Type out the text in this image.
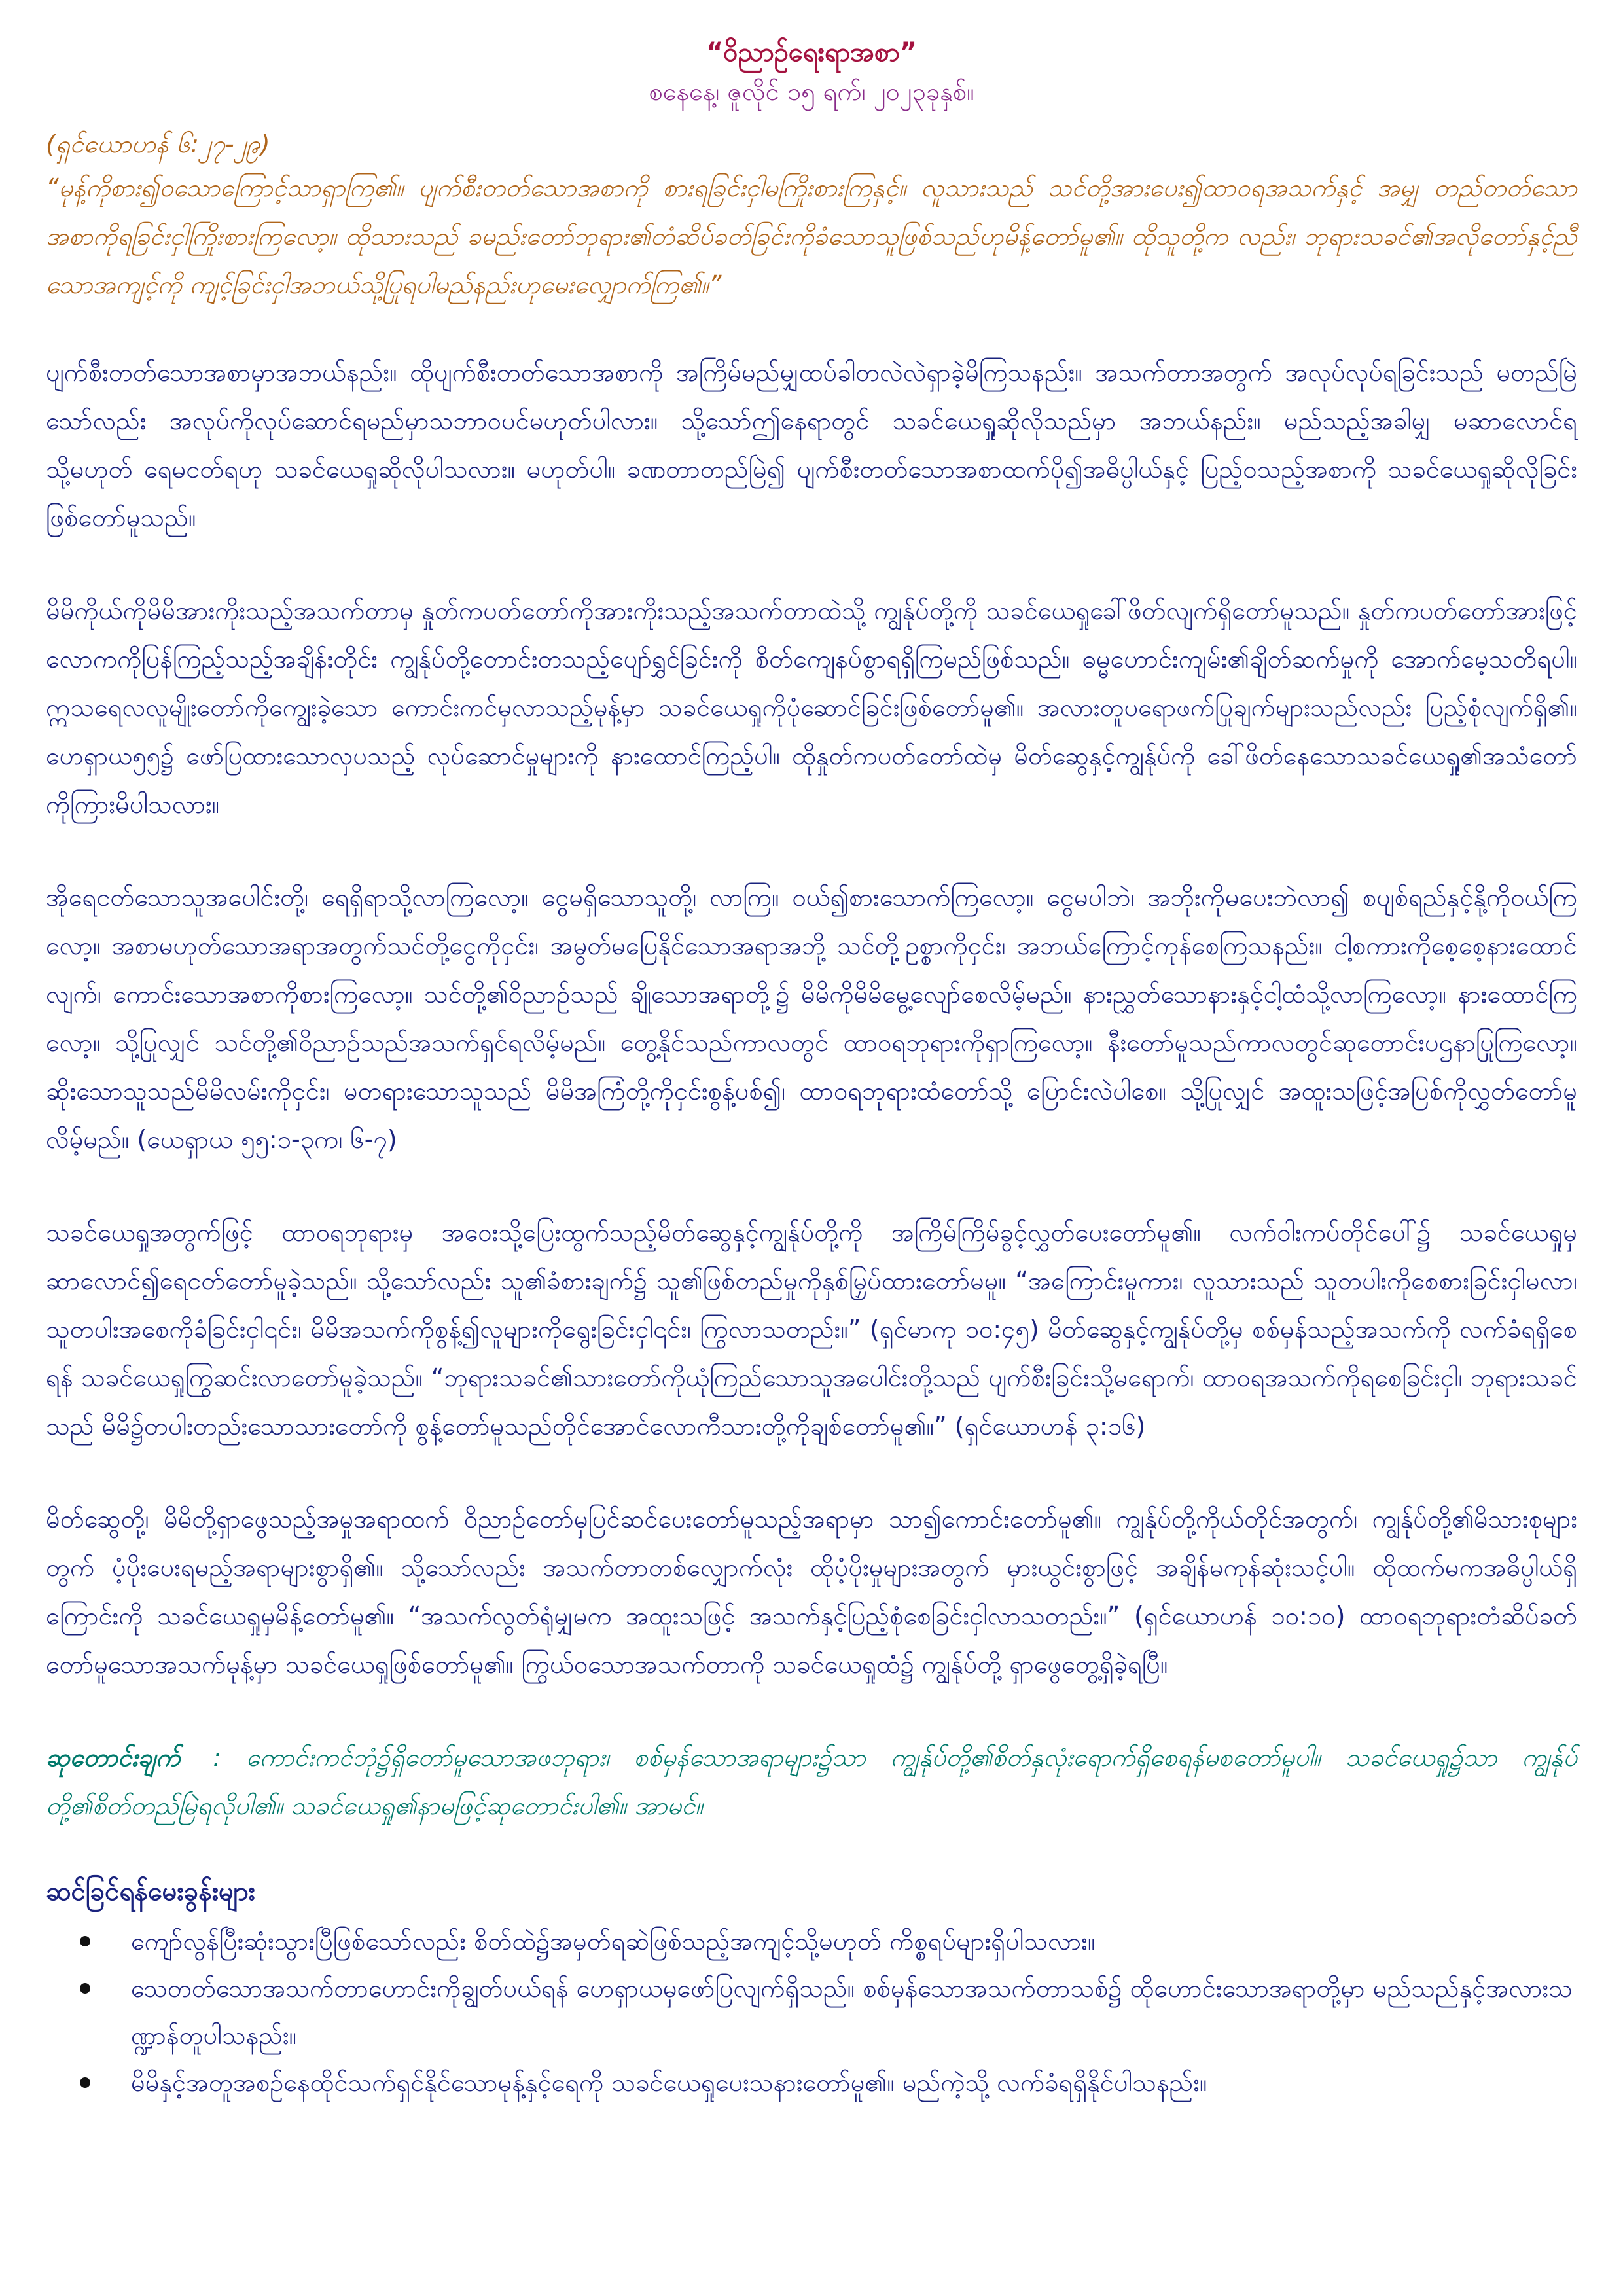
“ဝိညာဉ်ရေးရာအစာ”

စနေနေ့၊ ဇူလိုင် ၁၅ ရက်၊ ၂၀၂၃ခုနှစ်။

(ရှင်ယောဟန် ၆:၂၇-၂၉)

“မုန့်ကိုစား၍ဝသောကြောင့်သာရှာကြ၏။ ပျက်စီးတတ်သောအစာကို စားရခြင်းငှါမကြိုးစားကြနှင့်။ လူသားသည် သင်တို့အားပေး၍ထာဝရအသက်နှင့် အမျှ တည်တတ်သောအစာကိုရခြင်းငှါကြိုးစားကြလော့။ ထိုသားသည် ခမည်းတော်ဘုရား၏တံဆိပ်ခတ်ခြင်းကိုခံသောသူဖြစ်သည်ဟုမိန့်တော်မူ၏။ ထိုသူတို့က လည်း၊ ဘုရားသခင်၏အလိုတော်နှင့်ညီသောအကျင့်ကို ကျင့်ခြင်းငှါအဘယ်သို့ပြုရပါမည်နည်းဟုမေးလျှောက်ကြ၏။”

ပျက်စီးတတ်သောအစာမှာအဘယ်နည်း။ ထိုပျက်စီးတတ်သောအစာကို အကြိမ်မည်မျှထပ်ခါတလဲလဲရှာခဲ့မိကြသနည်း။ အသက်တာအတွက် အလုပ်လုပ်ရခြင်းသည် မတည်မြဲသော်လည်း အလုပ်ကိုလုပ်ဆောင်ရမည်မှာသဘာဝပင်မဟုတ်ပါလား။ သို့သော်ဤနေရာတွင် သခင်ယေရှုဆိုလိုသည်မှာ အဘယ်နည်း။ မည်သည့်အခါမျှ မဆာလောင်ရ သို့မဟုတ် ရေမငတ်ရဟု သခင်ယေရှုဆိုလိုပါသလား။ မဟုတ်ပါ။ ခဏတာတည်မြဲ၍ ပျက်စီးတတ်သောအစာထက်ပို၍အဓိပ္ပါယ်နှင့် ပြည့်ဝသည့်အစာကို သခင်ယေရှုဆိုလိုခြင်းဖြစ်တော်မူသည်။

မိမိကိုယ်ကိုမိမိအားကိုးသည့်အသက်တာမှ နှုတ်ကပတ်တော်ကိုအားကိုးသည့်အသက်တာထဲသို့ ကျွန်ုပ်တို့ကို သခင်ယေရှုခေါ်ဖိတ်လျက်ရှိတော်မူသည်။ နှုတ်ကပတ်တော်အားဖြင့် လောကကိုပြန်ကြည့်သည့်အချိန်းတိုင်း ကျွန်ုပ်တို့တောင်းတသည့်ပျော်ရွှင်ခြင်းကို စိတ်ကျေနပ်စွာရရှိကြမည်ဖြစ်သည်။ ဓမ္မဟောင်းကျမ်း၏ချိတ်ဆက်မှုကို အောက်မေ့သတိရပါ။ ဣသရေလလူမျိုးတော်ကိုကျွေးခဲ့သော ကောင်းကင်မှလာသည့်မုန့်မှာ သခင်ယေရှုကိုပုံဆောင်ခြင်းဖြစ်တော်မူ၏။ အလားတူပရောဖက်ပြုချက်များသည်လည်း ပြည့်စုံလျက်ရှိ၏။ ဟေရှာယ၅၅၌ ဖော်ပြထားသောလှပသည့် လုပ်ဆောင်မှုများကို နားထောင်ကြည့်ပါ။ ထိုနှုတ်ကပတ်တော်ထဲမှ မိတ်ဆွေနှင့်ကျွန်ုပ်ကို ခေါ်ဖိတ်နေသောသခင်ယေရှု၏အသံတော်ကိုကြားမိပါသလား။

အိုရေငတ်သောသူအပေါင်းတို့၊ ရေရှိရာသို့လာကြလော့။ ငွေမရှိသောသူတို့၊ လာကြ။ ဝယ်၍စားသောက်ကြလော့။ ငွေမပါဘဲ၊ အဘိုးကိုမပေးဘဲလာ၍ စပျစ်ရည်နှင့်နို့ကိုဝယ်ကြလော့။ အစာမဟုတ်သောအရာအတွက်သင်တို့ငွေကိုငှင်း၊ အမွတ်မပြေနိုင်သောအရာအဘို့ သင်တို့ဥစ္စာကိုငှင်း၊ အဘယ်ကြောင့်ကုန်စေကြသနည်း။ ငါ့စကားကိုစေ့စေ့နားထောင်လျက်၊ ကောင်းသောအစာကိုစားကြလော့။ သင်တို့၏ဝိညာဉ်သည် ချိုသောအရာတို့၌ မိမိကိုမိမိမွေ့လျော်စေလိမ့်မည်။ နားညွှတ်သောနားနှင့်ငါ့ထံသို့လာကြလော့။ နားထောင်ကြလော့။ သို့ပြုလျှင် သင်တို့၏ဝိညာဉ်သည်အသက်ရှင်ရလိမ့်မည်။ တွေ့နိုင်သည်ကာလတွင် ထာဝရဘုရားကိုရှာကြလော့။ နီးတော်မူသည်ကာလတွင်ဆုတောင်းပဌနာပြုကြလော့။ ဆိုးသောသူသည်မိမိလမ်းကိုငှင်း၊ မတရားသောသူသည် မိမိအကြံတို့ကိုငှင်းစွန့်ပစ်၍၊ ထာဝရဘုရားထံတော်သို့ ပြောင်းလဲပါစေ။ သို့ပြုလျှင် အထူးသဖြင့်အပြစ်ကိုလွှတ်တော်မူလိမ့်မည်။ (ယေရှာယ ၅၅:၁-၃က၊ ၆-၇)

သခင်ယေရှုအတွက်ဖြင့် ထာဝရဘုရားမှ အဝေးသို့ပြေးထွက်သည့်မိတ်ဆွေနှင့်ကျွန်ုပ်တို့ကို အကြိမ်ကြိမ်ခွင့်လွှတ်ပေးတော်မူ၏။ လက်ဝါးကပ်တိုင်ပေါ်၌ သခင်ယေရှုမှ ဆာလောင်၍ရေငတ်တော်မူခဲ့သည်။ သို့သော်လည်း သူ၏ခံစားချက်၌ သူ၏ဖြစ်တည်မှုကိုနှစ်မြှပ်ထားတော်မမူ။ “အကြောင်းမူကား၊ လူသားသည် သူတပါးကိုစေစားခြင်းငှါမလာ၊ သူတပါးအစေကိုခံခြင်းငှါ၎င်း၊ မိမိအသက်ကိုစွန့်၍လူများကိုရွေးခြင်းငှါ၎င်း၊ ကြွလာသတည်း။” (ရှင်မာကု ၁၀:၄၅) မိတ်ဆွေနှင့်ကျွန်ုပ်တို့မှ စစ်မှန်သည့်အသက်ကို လက်ခံရရှိစေရန် သခင်ယေရှုကြွဆင်းလာတော်မူခဲ့သည်။ “ဘုရားသခင်၏သားတော်ကိုယုံကြည်သောသူအပေါင်းတို့သည် ပျက်စီးခြင်းသို့မရောက်၊ ထာဝရအသက်ကိုရစေခြင်းငှါ၊ ဘုရားသခင်သည် မိမိ၌တပါးတည်းသောသားတော်ကို စွန့်တော်မူသည်တိုင်အောင်လောကီသားတို့ကိုချစ်တော်မူ၏။” (ရှင်ယောဟန် ၃:၁၆)

မိတ်ဆွေတို့၊ မိမိတို့ရှာဖွေသည့်အမှုအရာထက် ဝိညာဉ်တော်မှပြင်ဆင်ပေးတော်မူသည့်အရာမှာ သာ၍ကောင်းတော်မူ၏။ ကျွန်ုပ်တို့ကိုယ်တိုင်အတွက်၊ ကျွန်ုပ်တို့၏မိသားစုများတွက် ပံ့ပိုးပေးရမည့်အရာများစွာရှိ၏။ သို့သော်လည်း အသက်တာတစ်လျှောက်လုံး ထိုပံ့ပိုးမှုများအတွက် မှားယွင်းစွာဖြင့် အချိန်မကုန်ဆုံးသင့်ပါ။ ထိုထက်မကအဓိပ္ပါယ်ရှိကြောင်းကို သခင်ယေရှုမှမိန့်တော်မူ၏။ “အသက်လွတ်ရုံမျှမက အထူးသဖြင့် အသက်နှင့်ပြည့်စုံစေခြင်းငှါလာသတည်း။” (ရှင်ယောဟန် ၁၀:၁၀) ထာဝရဘုရားတံဆိပ်ခတ်တော်မူသောအသက်မုန့်မှာ သခင်ယေရှုဖြစ်တော်မူ၏။ ကြွယ်ဝသောအသက်တာကို သခင်ယေရှုထံ၌ ကျွန်ုပ်တို့ ရှာဖွေတွေ့ရှိခဲ့ရပြီ။

ဆုတောင်းချက် : ကောင်းကင်ဘုံ၌ရှိတော်မူသောအဖဘုရား၊ စစ်မှန်သောအရာများ၌သာ ကျွန်ုပ်တို့၏စိတ်နှလုံးရောက်ရှိစေရန်မစတော်မူပါ။ သခင်ယေရှု၌သာ ကျွန်ုပ်တို့၏စိတ်တည်မြဲရလိုပါ၏။ သခင်ယေရှု၏နာမဖြင့်ဆုတောင်းပါ၏။ အာမင်။

ဆင်ခြင်ရန်မေးခွန်းများ
ကျော်လွန်ပြီးဆုံးသွားပြီဖြစ်သော်လည်း စိတ်ထဲ၌အမှတ်ရဆဲဖြစ်သည့်အကျင့်သို့မဟုတ် ကိစ္စရပ်များရှိပါသလား။
သေတတ်သောအသက်တာဟောင်းကိုချွတ်ပယ်ရန် ဟေရှာယမှဖော်ပြလျက်ရှိသည်။ စစ်မှန်သောအသက်တာသစ်၌ ထိုဟောင်းသောအရာတို့မှာ မည်သည်နှင့်အလားသဏ္ဍာန်တူပါသနည်း။
မိမိနှင့်အတူအစဉ်နေထိုင်သက်ရှင်နိုင်သောမုန့်နှင့်ရေကို သခင်ယေရှုပေးသနားတော်မူ၏။ မည်ကဲ့သို့ လက်ခံရရှိနိုင်ပါသနည်း။
